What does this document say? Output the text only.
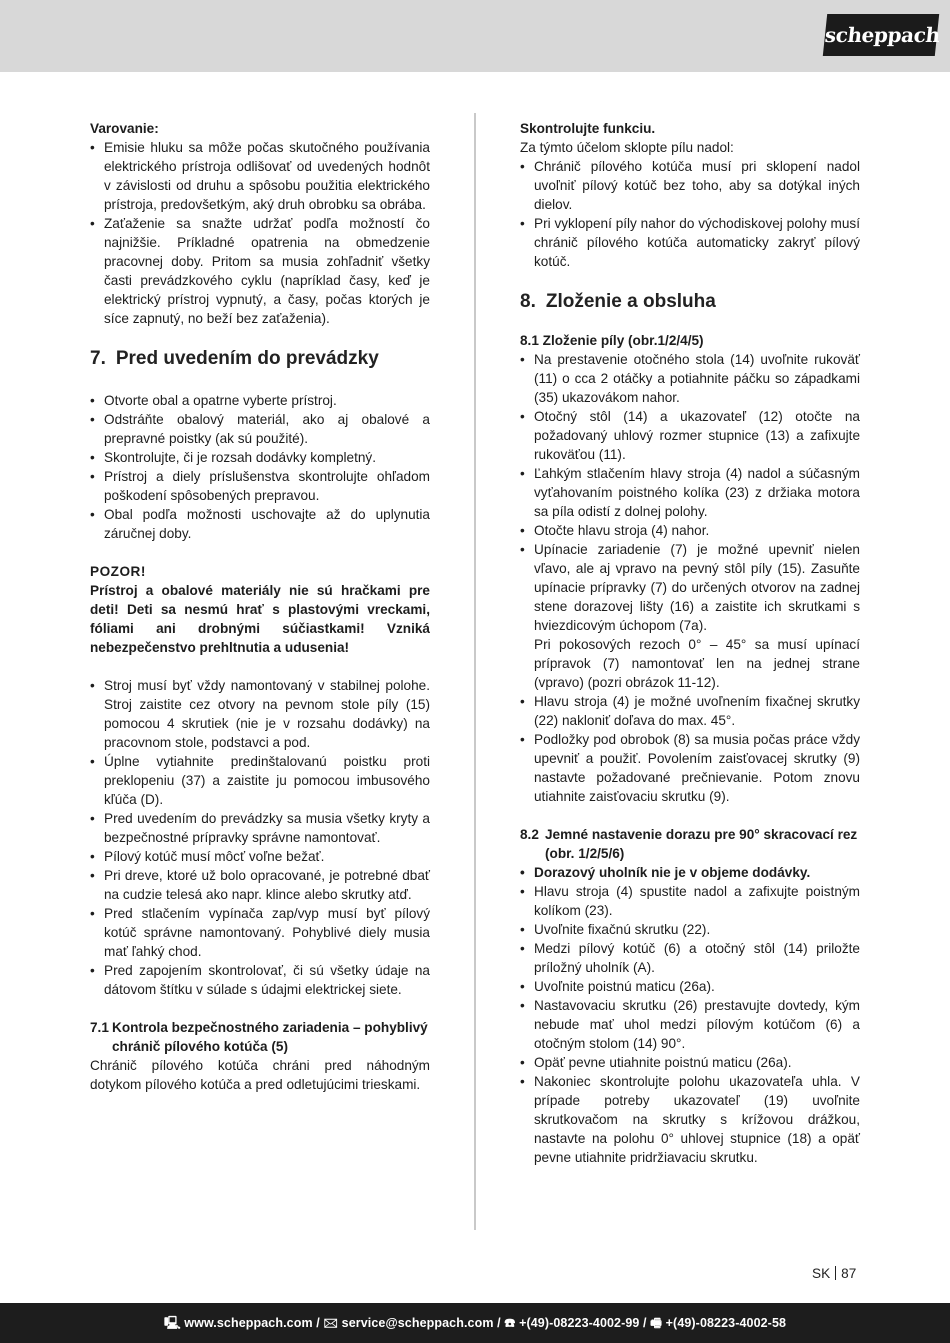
scheppach
Varovanie:
• Emisie hluku sa môže počas skutočného používania elektrického prístroja odlišovať od uvedených hodnôt v závislosti od druhu a spôsobu použitia elektrického prístroja, predovšetkým, aký druh obrobku sa obrába.
• Zaťaženie sa snažte udržať podľa možností čo najnižšie. Príkladné opatrenia na obmedzenie pracovnej doby. Pritom sa musia zohľadniť všetky časti prevádzkového cyklu (napríklad časy, keď je elektrický prístroj vypnutý, a časy, počas ktorých je síce zapnutý, no beží bez zaťaženia).
7. Pred uvedením do prevádzky
• Otvorte obal a opatrne vyberte prístroj.
• Odstráňte obalový materiál, ako aj obalové a prepravné poistky (ak sú použité).
• Skontrolujte, či je rozsah dodávky kompletný.
• Prístroj a diely príslušenstva skontrolujte ohľadom poškodení spôsobených prepravou.
• Obal podľa možnosti uschovajte až do uplynutia záručnej doby.
POZOR!
Prístroj a obalové materiály nie sú hračkami pre deti! Deti sa nesmú hrať s plastovými vreckami, fóliami ani drobnými súčiastkami! Vzniká nebezpečenstvo prehltnutia a udusenia!
• Stroj musí byť vždy namontovaný v stabilnej polohe. Stroj zaistite cez otvory na pevnom stole píly (15) pomocou 4 skrutiek (nie je v rozsahu dodávky) na pracovnom stole, podstavci a pod.
• Úplne vytiahnite predinštalovanú poistku proti preklopeniu (37) a zaistite ju pomocou imbusového kľúča (D).
• Pred uvedením do prevádzky sa musia všetky kryty a bezpečnostné prípravky správne namontovať.
• Pílový kotúč musí môcť voľne bežať.
• Pri dreve, ktoré už bolo opracované, je potrebné dbať na cudzie telesá ako napr. klince alebo skrutky atď.
• Pred stlačením vypínača zap/vyp musí byť pílový kotúč správne namontovaný. Pohyblivé diely musia mať ľahký chod.
• Pred zapojením skontrolovať, či sú všetky údaje na dátovom štítku v súlade s údajmi elektrickej siete.
7.1 Kontrola bezpečnostného zariadenia – pohyblivý chránič pílového kotúča (5)
Chránič pílového kotúča chráni pred náhodným dotykom pílového kotúča a pred odletujúcimi trieskami.
Skontrolujte funkciu.
Za týmto účelom sklopte pílu nadol:
• Chránič pílového kotúča musí pri sklopení nadol uvoľniť pílový kotúč bez toho, aby sa dotýkal iných dielov.
• Pri vyklopení píly nahor do východiskovej polohy musí chránič pílového kotúča automaticky zakryť pílový kotúč.
8. Zloženie a obsluha
8.1 Zloženie píly (obr.1/2/4/5)
• Na prestavenie otočného stola (14) uvoľnite rukoväť (11) o cca 2 otáčky a potiahnite páčku so západkami (35) ukazovákom nahor.
• Otočný stôl (14) a ukazovateľ (12) otočte na požadovaný uhlový rozmer stupnice (13) a zafixujte rukoväťou (11).
• Ľahkým stlačením hlavy stroja (4) nadol a súčasným vyťahovaním poistného kolíka (23) z držiaka motora sa píla odistí z dolnej polohy.
• Otočte hlavu stroja (4) nahor.
• Upínacie zariadenie (7) je možné upevniť nielen vľavo, ale aj vpravo na pevný stôl píly (15). Zasuňte upínacie prípravky (7) do určených otvorov na zadnej stene dorazovej lišty (16) a zaistite ich skrutkami s hviezdicovým úchopom (7a).
Pri pokosových rezoch 0° – 45° sa musí upínací prípravok (7) namontovať len na jednej strane (vpravo) (pozri obrázok 11-12).
• Hlavu stroja (4) je možné uvoľnením fixačnej skrutky (22) nakloniť doľava do max. 45°.
• Podložky pod obrobok (8) sa musia počas práce vždy upevniť a použiť. Povolením zaisťovacej skrutky (9) nastavte požadované prečnievanie. Potom znovu utiahnite zaisťovaciu skrutku (9).
8.2 Jemné nastavenie dorazu pre 90° skracovací rez (obr. 1/2/5/6)
• Dorazový uholník nie je v objeme dodávky.
• Hlavu stroja (4) spustite nadol a zafixujte poistným kolíkom (23).
• Uvoľnite fixačnú skrutku (22).
• Medzi pílový kotúč (6) a otočný stôl (14) priložte príložný uholník (A).
• Uvoľnite poistnú maticu (26a).
• Nastavovaciu skrutku (26) prestavujte dovtedy, kým nebude mať uhol medzi pílovým kotúčom (6) a otočným stolom (14) 90°.
• Opäť pevne utiahnite poistnú maticu (26a).
• Nakoniec skontrolujte polohu ukazovateľa uhla. V prípade potreby ukazovateľ (19) uvoľnite skrutkovačom na skrutky s krížovou drážkou, nastavte na polohu 0° uhlovej stupnice (18) a opäť pevne utiahnite pridržiavaciu skrutku.
SK 87
🖳 www.scheppach.com / 🖂 service@scheppach.com / ☎ +(49)-08223-4002-99 / 🖷 +(49)-08223-4002-58
